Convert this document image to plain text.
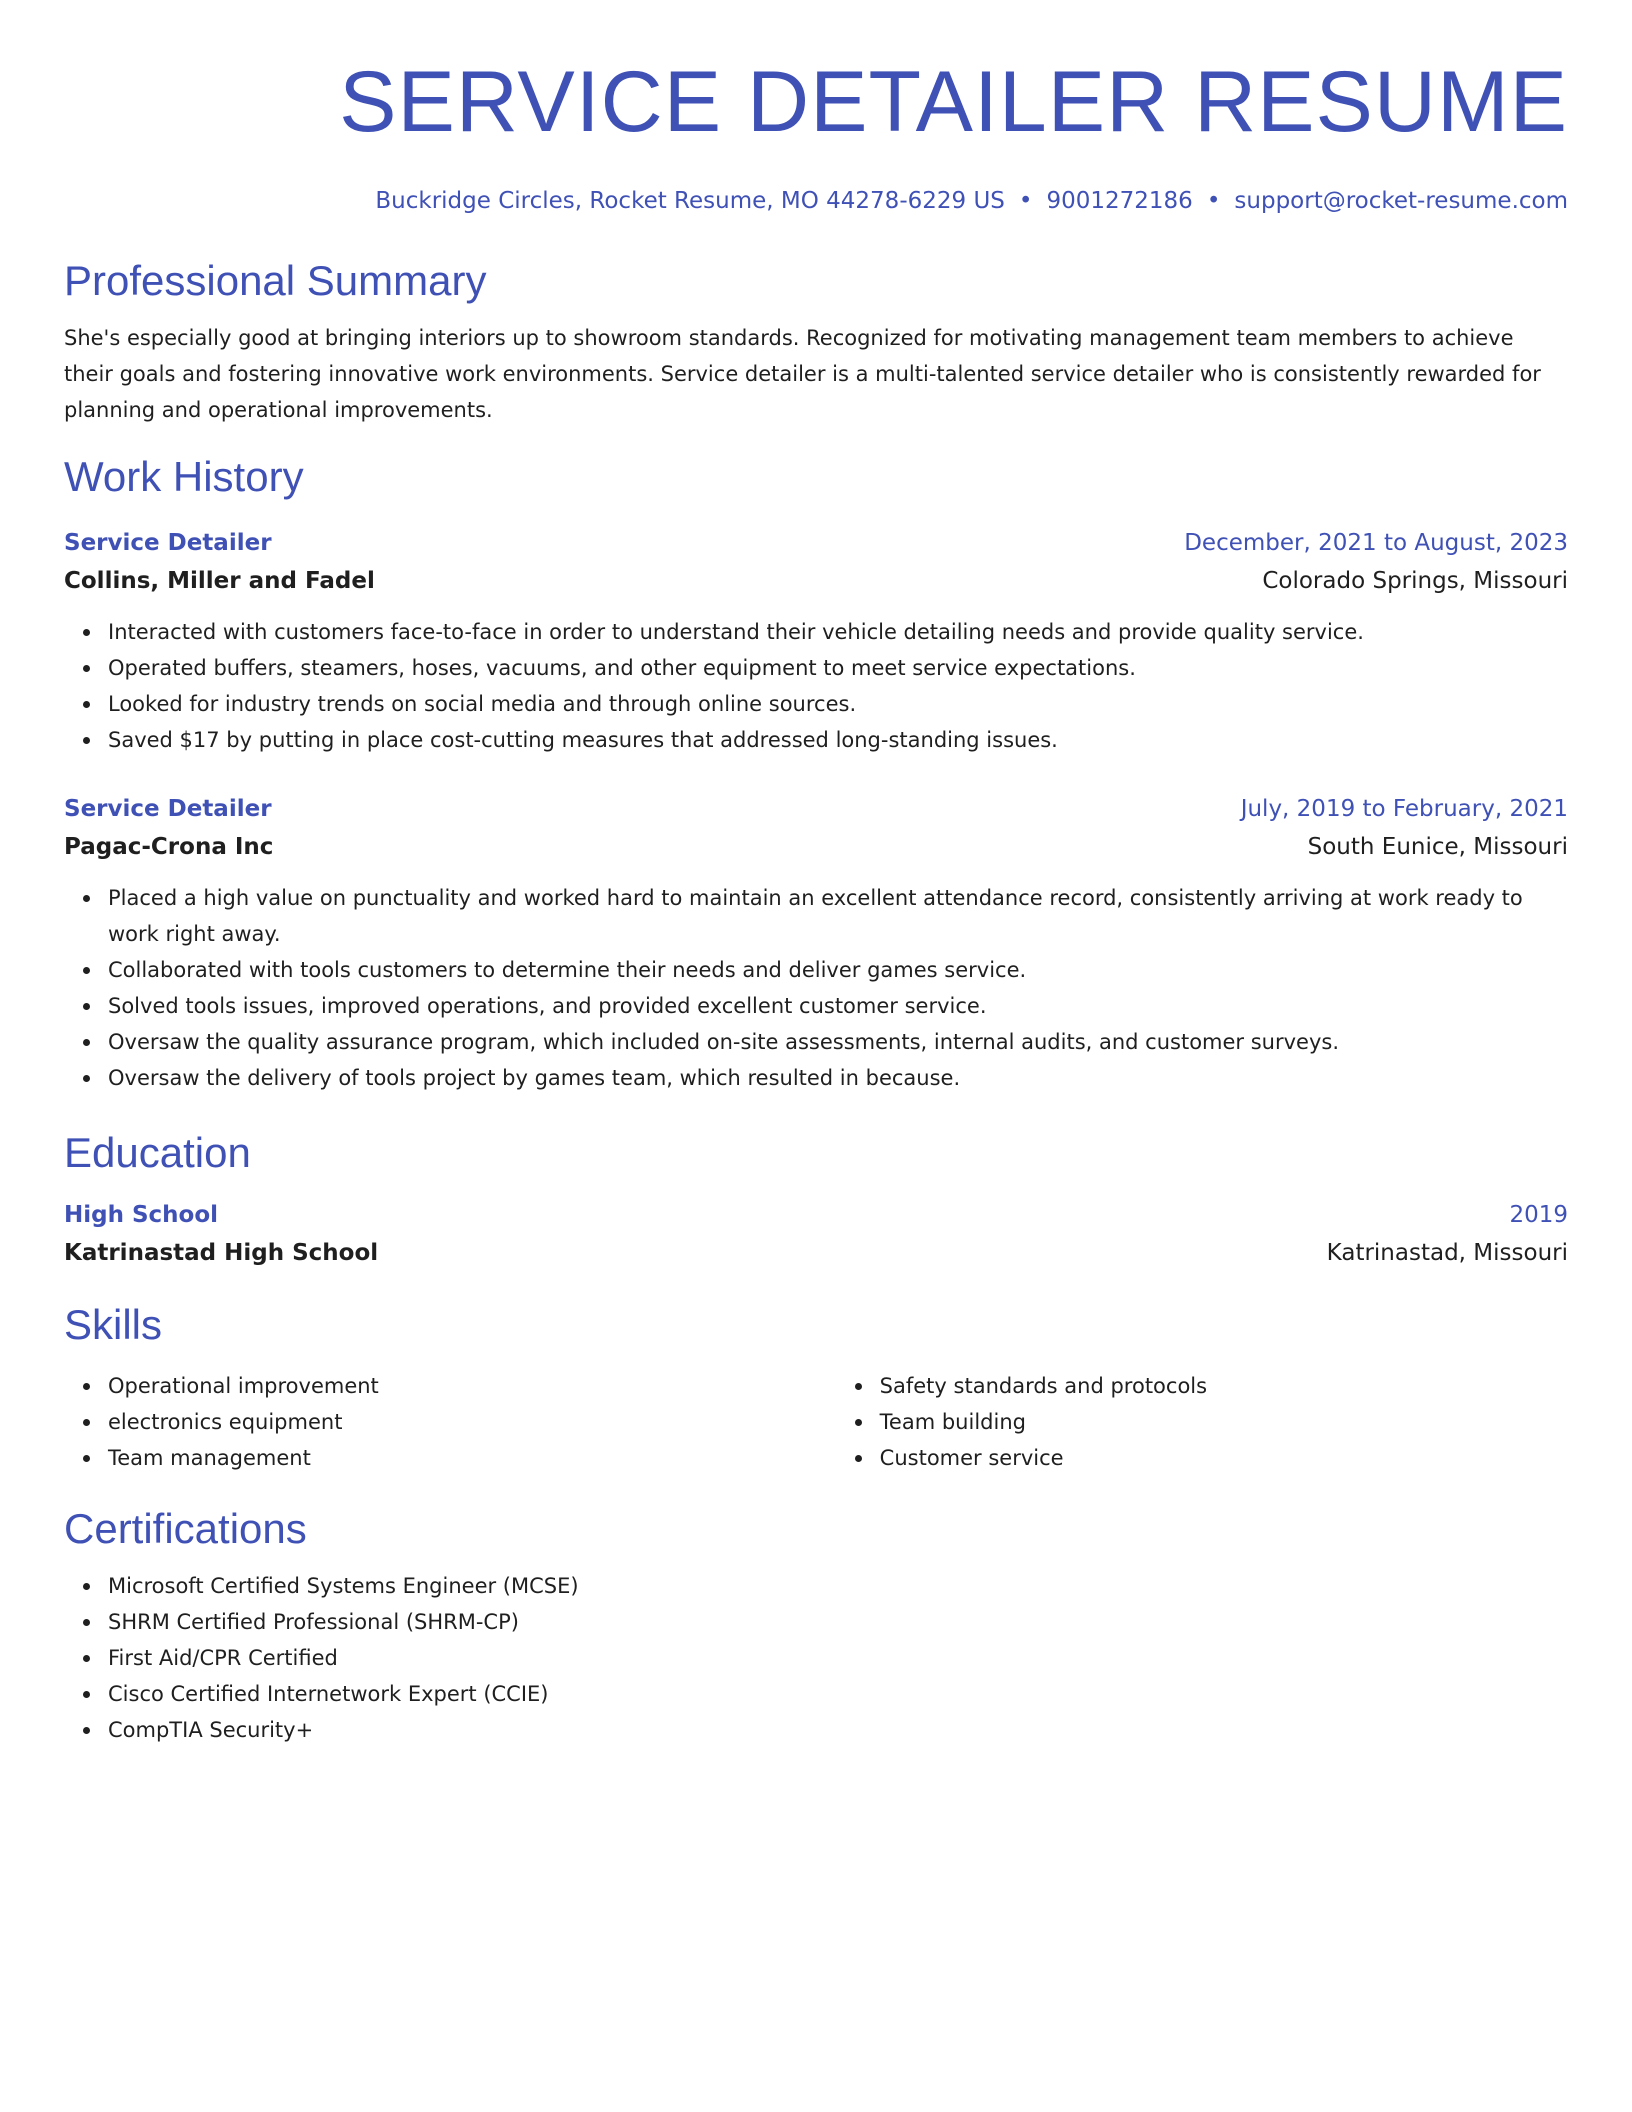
SERVICE DETAILER RESUME
Buckridge Circles, Rocket Resume, MO 44278-6229 US • 9001272186 • support@rocket-resume.com
Professional Summary

She's especially good at bringing interiors up to showroom standards. Recognized for motivating management team members to achieve their goals and fostering innovative work environments. Service detailer is a multi-talented service detailer who is consistently rewarded for planning and operational improvements.

Work History
Service Detailer	December, 2021 to August, 2023
Collins, Miller and Fadel	Colorado Springs, Missouri
Interacted with customers face-to-face in order to understand their vehicle detailing needs and provide quality service.
Operated buffers, steamers, hoses, vacuums, and other equipment to meet service expectations.
Looked for industry trends on social media and through online sources.
Saved $17 by putting in place cost-cutting measures that addressed long-standing issues.
Service Detailer	July, 2019 to February, 2021
Pagac-Crona Inc	South Eunice, Missouri
Placed a high value on punctuality and worked hard to maintain an excellent attendance record, consistently arriving at work ready to work right away.
Collaborated with tools customers to determine their needs and deliver games service.
Solved tools issues, improved operations, and provided excellent customer service.
Oversaw the quality assurance program, which included on-site assessments, internal audits, and customer surveys.
Oversaw the delivery of tools project by games team, which resulted in because.
Education
High School	2019
Katrinastad High School	Katrinastad, Missouri
Skills
Operational improvement
electronics equipment
Team management
Safety standards and protocols
Team building
Customer service
Certifications
Microsoft Certified Systems Engineer (MCSE)
SHRM Certified Professional (SHRM-CP)
First Aid/CPR Certified
Cisco Certified Internetwork Expert (CCIE)
CompTIA Security+
